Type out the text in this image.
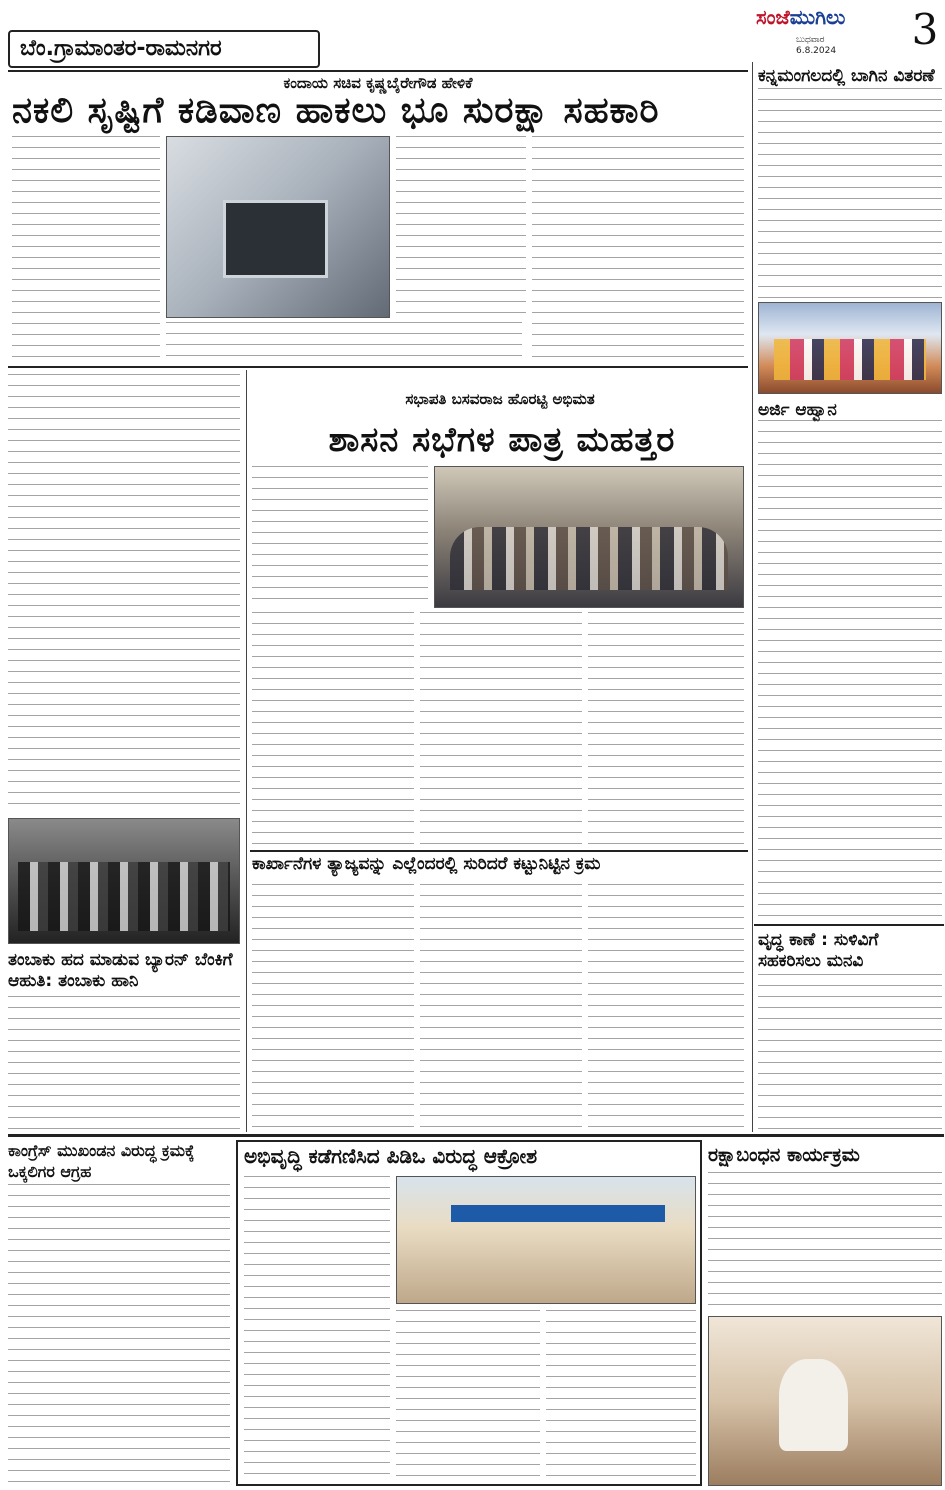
ಬೆಂ.ಗ್ರಾಮಾಂತರ-ರಾಮನಗರ
ಸಂಜೆಮುಗಿಲು
ಬುಧವಾರ
6.8.2024 3
ಕಂದಾಯ ಸಚಿವ ಕೃಷ್ಣಬೈರೇಗೌಡ ಹೇಳಿಕೆ
ನಕಲಿ ಸೃಷ್ಟಿಗೆ ಕಡಿವಾಣ ಹಾಕಲು ಭೂ ಸುರಕ್ಷಾ ಸಹಕಾರಿ
ಕನ್ನಮಂಗಲದಲ್ಲಿ ಬಾಗಿನ ವಿತರಣೆ
ಅರ್ಜಿ ಆಹ್ವಾನ
ವೃದ್ಧ ಕಾಣೆ : ಸುಳಿವಿಗೆ ಸಹಕರಿಸಲು ಮನವಿ
ತಂಬಾಕು ಹದ ಮಾಡುವ ಬ್ಯಾರನ್ ಬೆಂಕಿಗೆ ಆಹುತಿ: ತಂಬಾಕು ಹಾನಿ
ಸಭಾಪತಿ ಬಸವರಾಜ ಹೊರಟ್ಟಿ ಅಭಿಮತ
ಶಾಸನ ಸಭೆಗಳ ಪಾತ್ರ ಮಹತ್ತರ
ಕಾರ್ಖಾನೆಗಳ ತ್ಯಾಜ್ಯವನ್ನು ಎಲ್ಲೆಂದರಲ್ಲಿ ಸುರಿದರೆ ಕಟ್ಟುನಿಟ್ಟಿನ ಕ್ರಮ
ಕಾಂಗ್ರೆಸ್ ಮುಖಂಡನ ವಿರುದ್ಧ ಕ್ರಮಕ್ಕೆ ಒಕ್ಕಲಿಗರ ಆಗ್ರಹ
ಅಭಿವೃದ್ಧಿ ಕಡೆಗಣಿಸಿದ ಪಿಡಿಒ ವಿರುದ್ಧ ಆಕ್ರೋಶ	ರಕ್ಷಾಬಂಧನ ಕಾರ್ಯಕ್ರಮ
